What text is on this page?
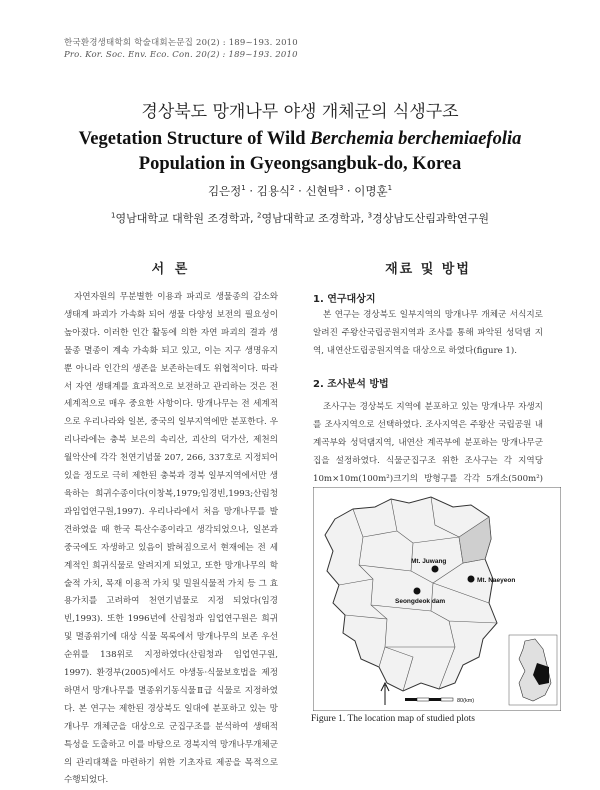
한국환경생태학회 학술대회논문집 20(2) : 189~193. 2010
Pro. Kor. Soc. Env. Eco. Con. 20(2) : 189~193. 2010
경상북도 망개나무 야생 개체군의 식생구조
Vegetation Structure of Wild Berchemia berchemiaefolia
Population in Gyeongsangbuk-do, Korea
김은정$^1$ · 김용식$^2$ · 신현탁$^3$ · 이명훈$^1$
$^1$영남대학교 대학원 조경학과, $^2$영남대학교 조경학과, $^3$경상남도산림과학연구원
서 론
자연자원의 무분별한 이용과 파괴로 생물종의 감소와 생태계 파괴가 가속화 되어 생물 다양성 보전의 필요성이 높아졌다. 이러한 인간 활동에 의한 자연 파괴의 결과 생물종 멸종이 계속 가속화 되고 있고, 이는 지구 생명유지 뿐 아니라 인간의 생존을 보존하는데도 위협적이다. 따라서 자연 생태계를 효과적으로 보전하고 관리하는 것은 전 세계적으로 매우 중요한 사항이다. 망개나무는 전 세계적으로 우리나라와 일본, 중국의 일부지역에만 분포한다. 우리나라에는 충북 보은의 속리산, 괴산의 덕가산, 제천의 월악산에 각각 천연기념물 207, 266, 337호로 지정되어 있을 정도로 극히 제한된 충북과 경북 일부지역에서만 생육하는 희귀수종이다(이창복,1979;임경빈,1993;산림청과임업연구원,1997). 우리나라에서 처음 망개나무를 발견하였을 때 한국 특산수종이라고 생각되었으나, 일본과 중국에도 자생하고 있음이 밝혀짐으로서 현재에는 전 세계적인 희귀식물로 알려지게 되었고, 또한 망개나무의 학술적 가치, 목재 이용적 가치 및 밀원식물적 가치 등 그 효용가치를 고려하여 천연기념물로 지정 되었다(임경빈,1993). 또한 1996년에 산림청과 임업연구원은 희귀 및 멸종위기에 대상 식물 목록에서 망개나무의 보존 우선순위를 138위로 지정하였다(산림청과 임업연구원, 1997). 환경부(2005)에서도 야생동·식물보호법을 제정하면서 망개나무를 멸종위기동식물Ⅱ급 식물로 지정하였다. 본 연구는 제한된 경상북도 일대에 분포하고 있는 망개나무 개체군을 대상으로 군집구조를 분석하여 생태적 특성을 도출하고 이를 바탕으로 경북지역 망개나무개체군의 관리대책을 마련하기 위한 기초자료 제공을 목적으로 수행되었다.
재료 및 방법
1. 연구대상지
본 연구는 경상북도 일부지역의 망개나무 개체군 서식지로 알려진 주왕산국립공원지역과 조사를 통해 파악된 성덕댐 지역, 내연산도립공원지역을 대상으로 하였다(figure 1).
2. 조사분석 방법
조사구는 경상북도 지역에 분포하고 있는 망개나무 자생지를 조사지역으로 선택하였다. 조사지역은 주왕산 국립공원 내 계곡부와 성덕댐지역, 내연산 계곡부에 분포하는 망개나무군집을 설정하였다. 식물군집구조 위한 조사구는 각 지역당 10m×10m(100m²)크기의 방형구를 각각 5개소(500m²)
Mt. Juwang
Mt. Naeyeon
Seongdeok dam
80(km)
Figure 1. The location map of studied plots
